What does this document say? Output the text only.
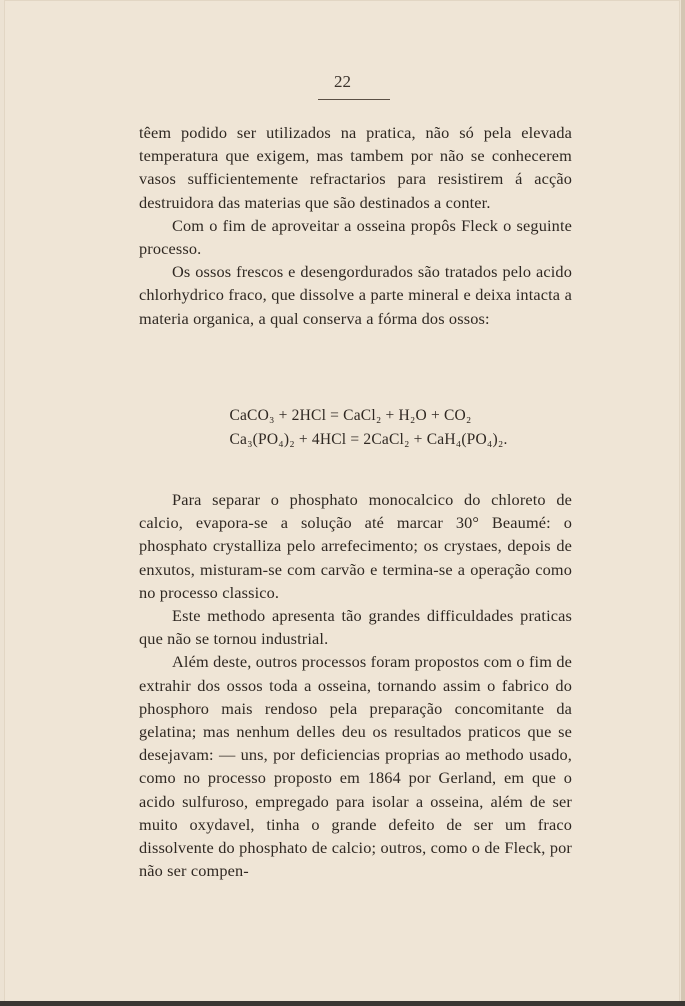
22

têem podido ser utilizados na pratica, não só pela elevada temperatura que exigem, mas tambem por não se conhecerem vasos sufficientemente refractarios para resistirem á acção destruidora das materias que são destinados a conter.

Com o fim de aproveitar a osseina propôs Fleck o seguinte processo.

Os ossos frescos e desengordurados são tratados pelo acido chlorhydrico fraco, que dissolve a parte mineral e deixa intacta a materia organica, a qual conserva a fórma dos ossos:

CaCO₃ + 2HCl = CaCl₂ + H₂O + CO₂

Ca₃(PO₄)₂ + 4HCl = 2CaCl₂ + CaH₄(PO₄)₂.

Para separar o phosphato monocalcico do chloreto de calcio, evapora-se a solução até marcar 30° Beaumé: o phosphato crystalliza pelo arrefecimento; os crystaes, depois de enxutos, misturam-se com carvão e termina-se a operação como no processo classico.

Este methodo apresenta tão grandes difficuldades praticas que não se tornou industrial.

Além deste, outros processos foram propostos com o fim de extrahir dos ossos toda a osseina, tornando assim o fabrico do phosphoro mais rendoso pela preparação concomitante da gelatina; mas nenhum delles deu os resultados praticos que se desejavam: — uns, por deficiencias proprias ao methodo usado, como no processo proposto em 1864 por Gerland, em que o acido sulfuroso, empregado para isolar a osseina, além de ser muito oxydavel, tinha o grande defeito de ser um fraco dissolvente do phosphato de calcio; outros, como o de Fleck, por não ser compen-
